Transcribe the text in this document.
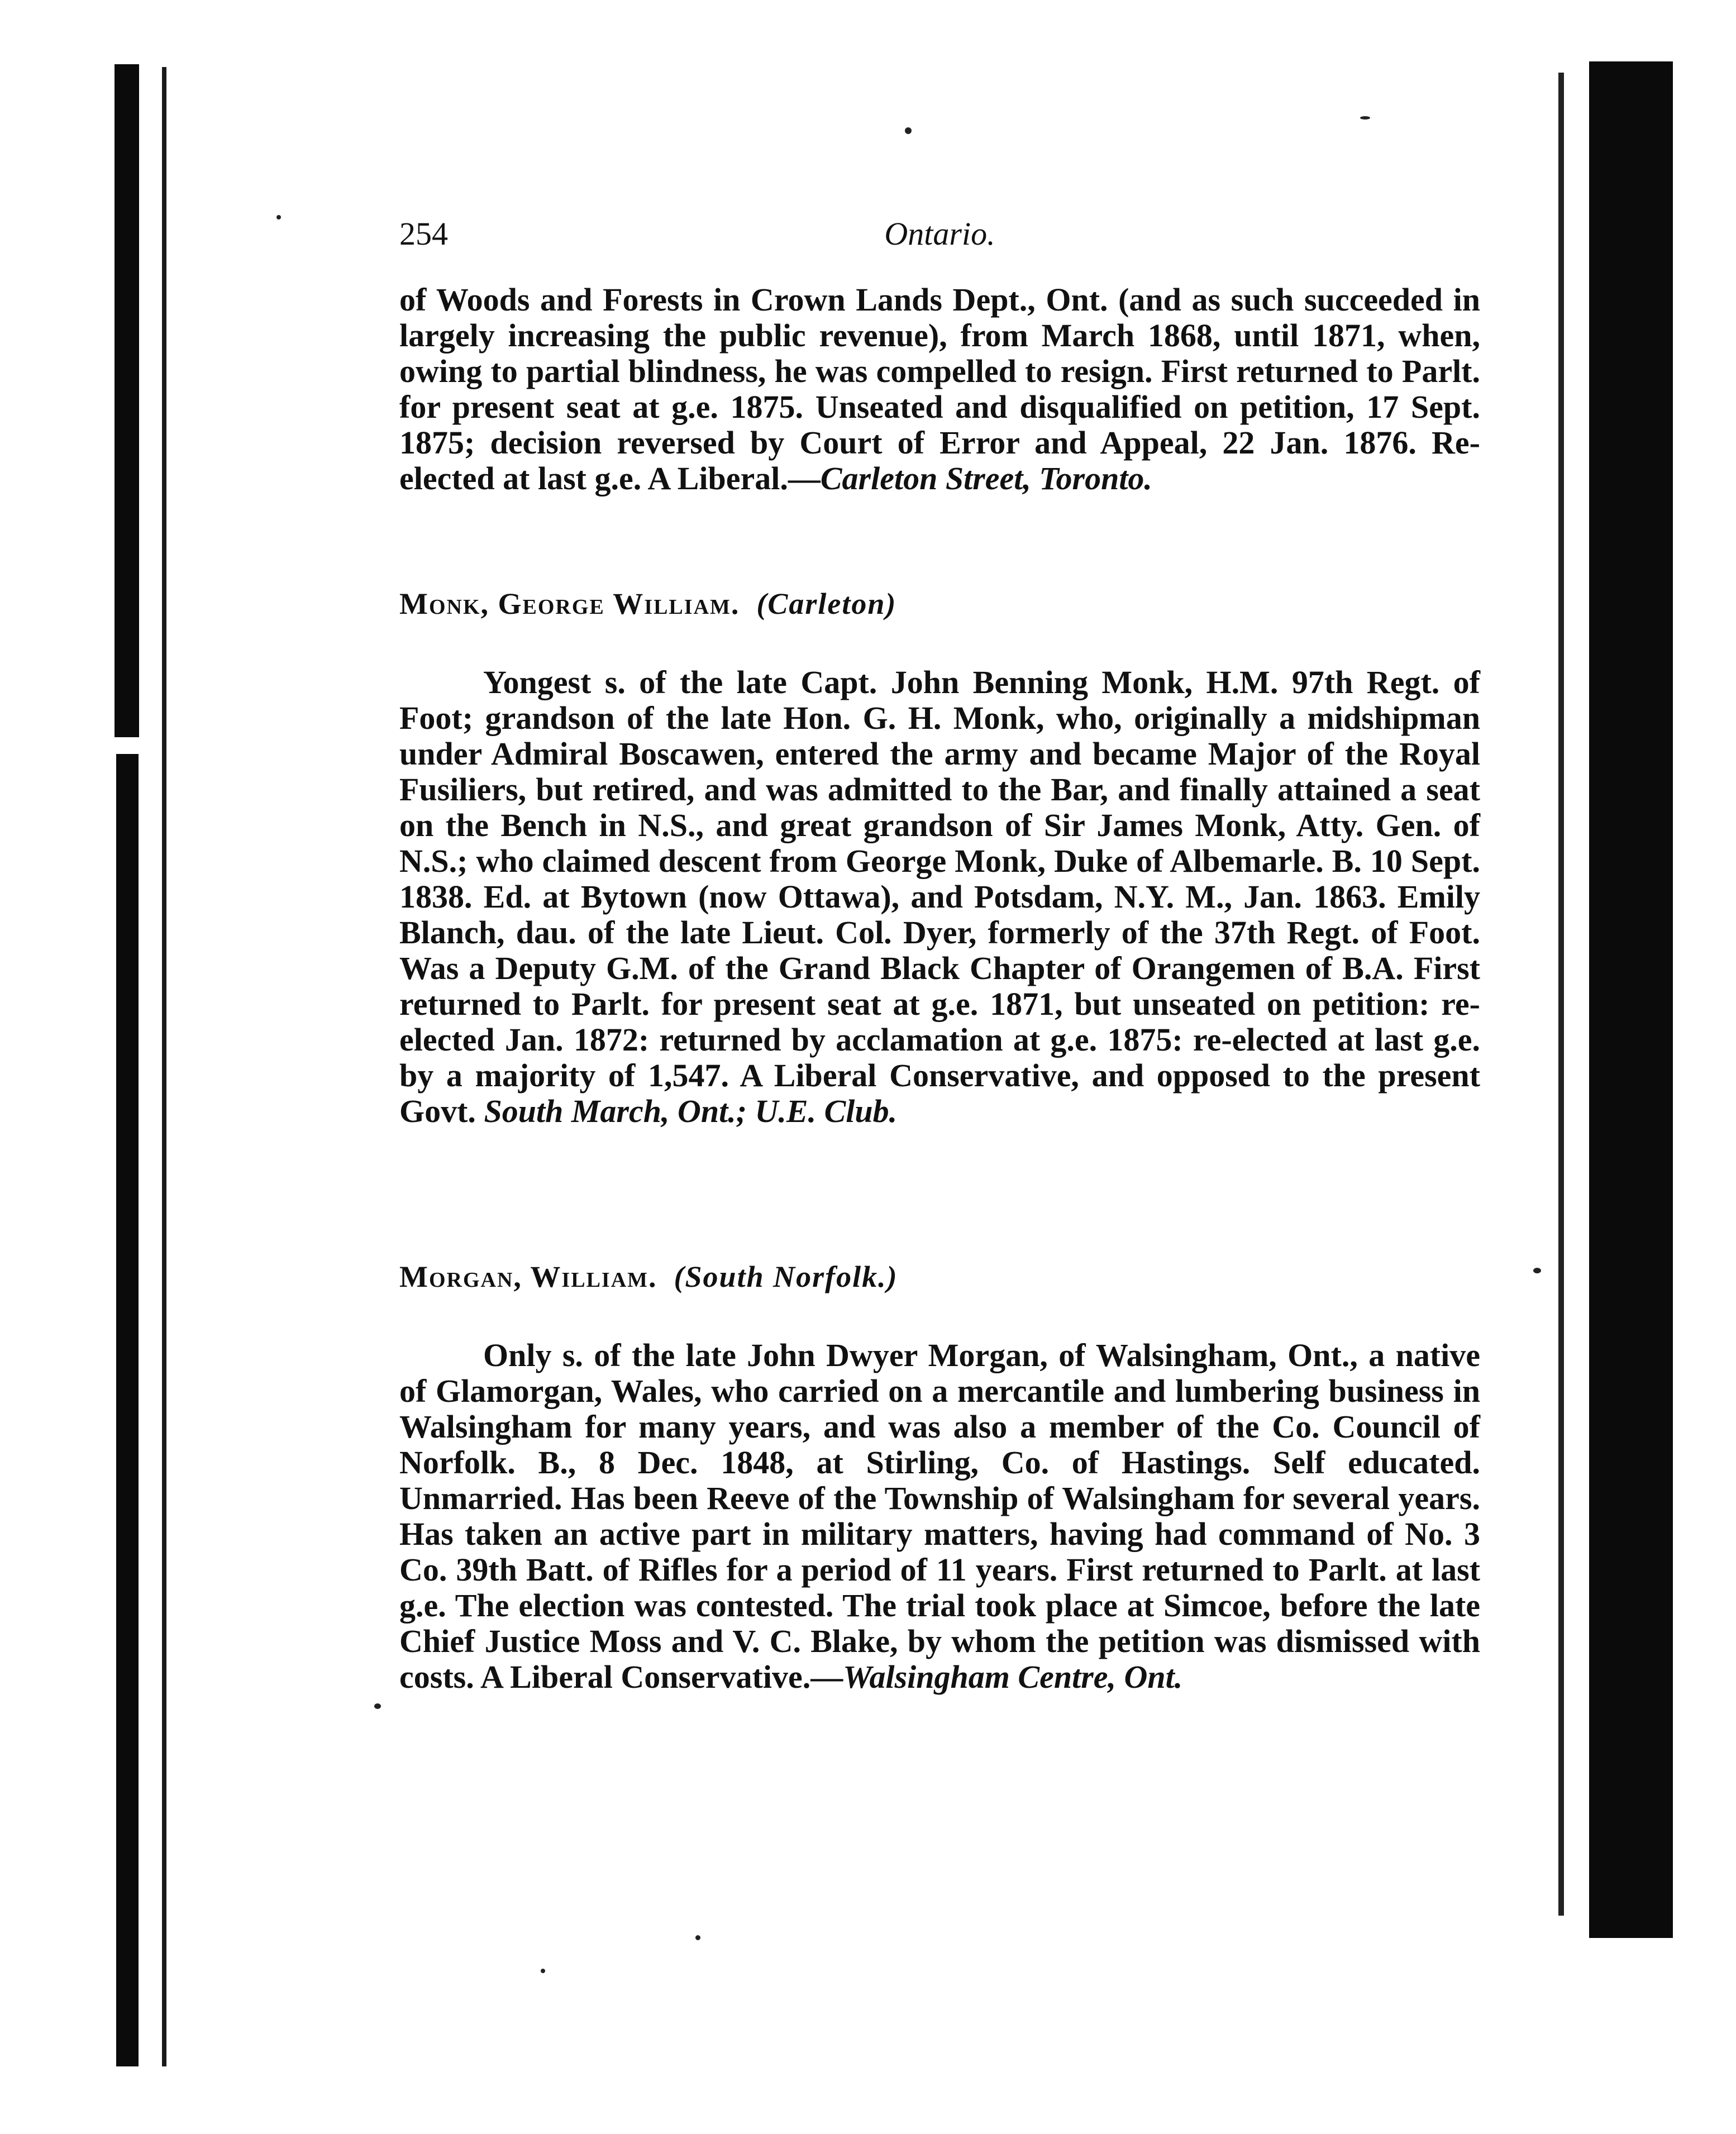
254	Ontario.
of Woods and Forests in Crown Lands Dept., Ont. (and as such succeeded in largely increasing the public revenue), from March 1868, until 1871, when, owing to partial blindness, he was compelled to resign. First returned to Parlt. for present seat at g.e. 1875. Unseated and disqualified on petition, 17 Sept. 1875; decision reversed by Court of Error and Appeal, 22 Jan. 1876. Re-elected at last g.e. A Liberal.—Carleton Street, Toronto.
Monk, George William. (Carleton)
Yongest s. of the late Capt. John Benning Monk, H.M. 97th Regt. of Foot; grandson of the late Hon. G. H. Monk, who, originally a midshipman under Admiral Boscawen, entered the army and became Major of the Royal Fusiliers, but retired, and was admitted to the Bar, and finally attained a seat on the Bench in N.S., and great grandson of Sir James Monk, Atty. Gen. of N.S.; who claimed descent from George Monk, Duke of Albemarle. B. 10 Sept. 1838. Ed. at Bytown (now Ottawa), and Potsdam, N.Y. M., Jan. 1863. Emily Blanch, dau. of the late Lieut. Col. Dyer, formerly of the 37th Regt. of Foot. Was a Deputy G.M. of the Grand Black Chapter of Orangemen of B.A. First returned to Parlt. for present seat at g.e. 1871, but unseated on petition: re-elected Jan. 1872: returned by acclamation at g.e. 1875: re-elected at last g.e. by a majority of 1,547. A Liberal Conservative, and opposed to the present Govt. South March, Ont.; U.E. Club.
Morgan, William. (South Norfolk.)
Only s. of the late John Dwyer Morgan, of Walsingham, Ont., a native of Glamorgan, Wales, who carried on a mercantile and lumbering business in Walsingham for many years, and was also a member of the Co. Council of Norfolk. B., 8 Dec. 1848, at Stirling, Co. of Hastings. Self educated. Unmarried. Has been Reeve of the Township of Walsingham for several years. Has taken an active part in military matters, having had command of No. 3 Co. 39th Batt. of Rifles for a period of 11 years. First returned to Parlt. at last g.e. The election was contested. The trial took place at Simcoe, before the late Chief Justice Moss and V. C. Blake, by whom the petition was dismissed with costs. A Liberal Conservative.—Walsingham Centre, Ont.
